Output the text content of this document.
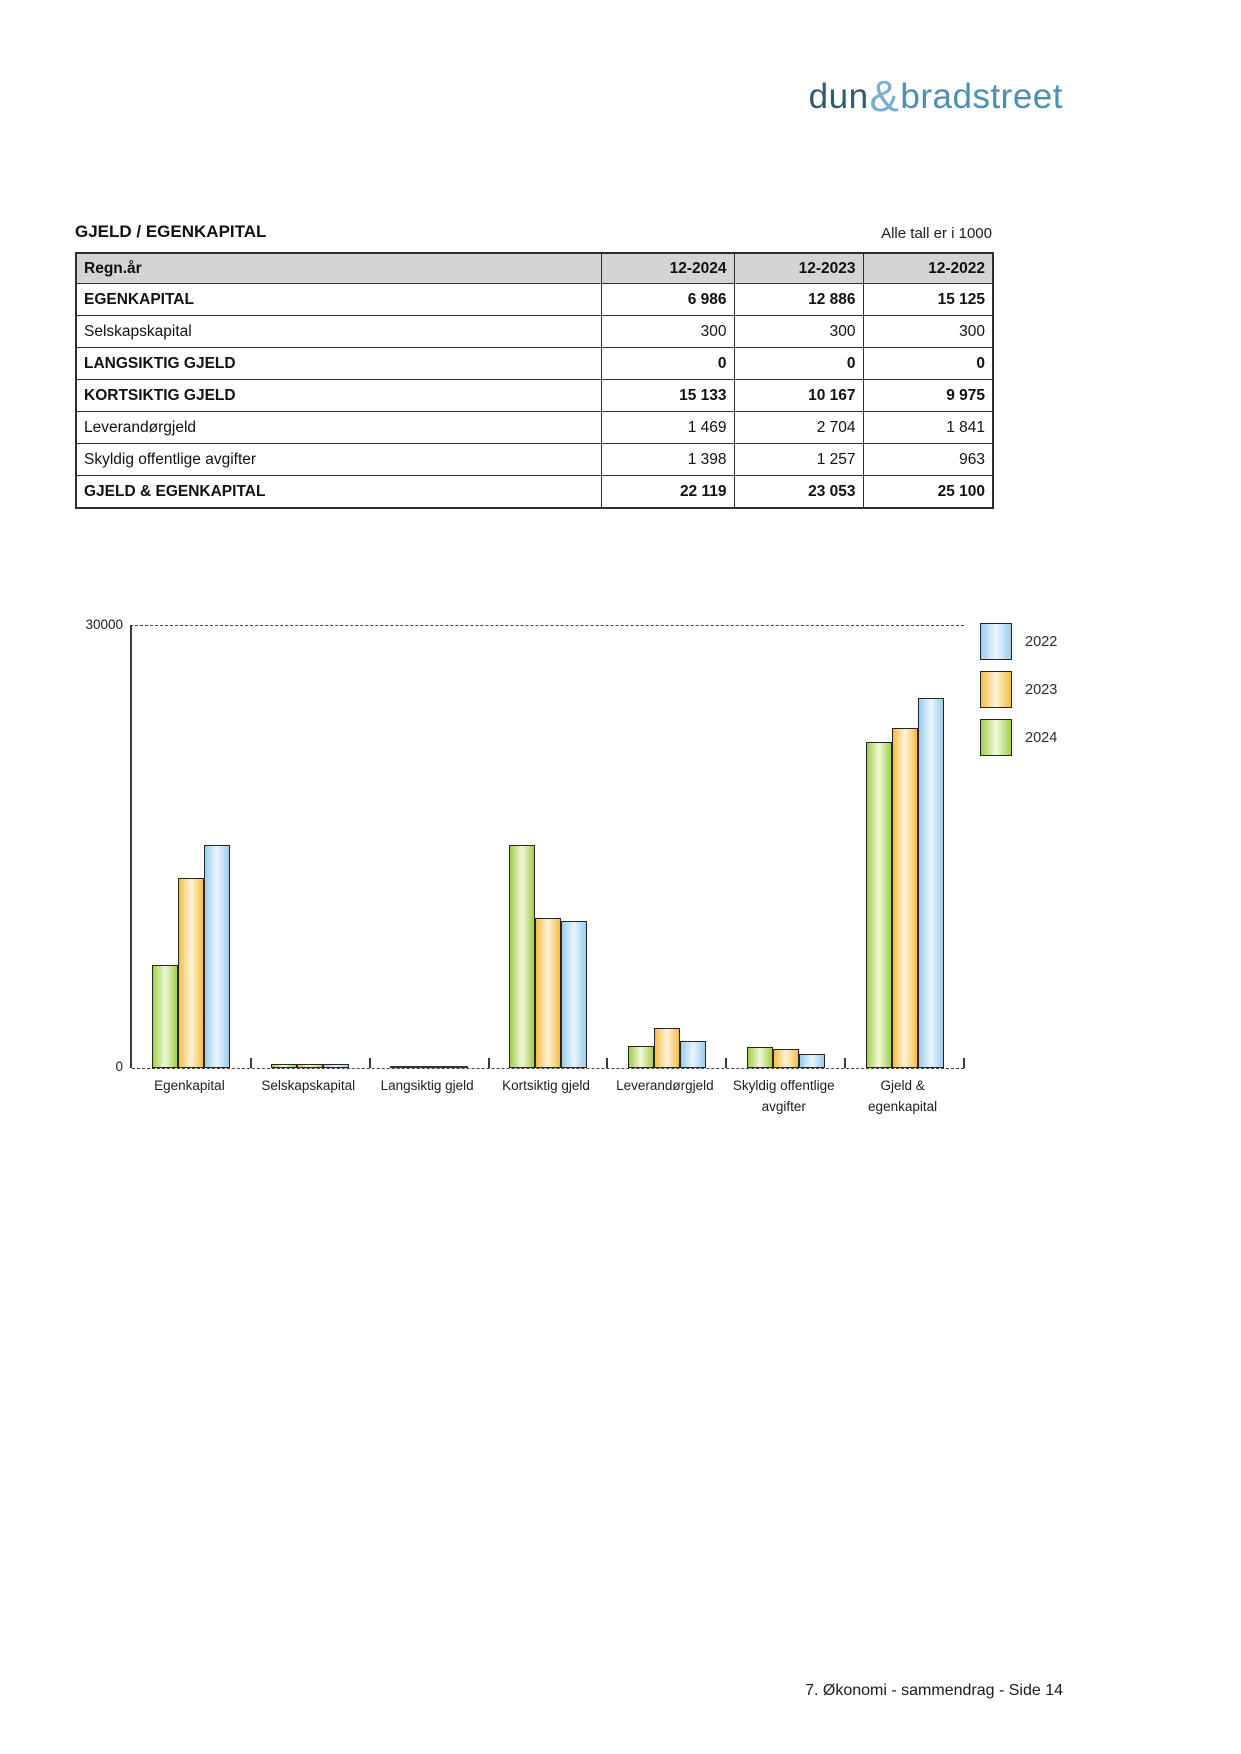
dun&bradstreet
GJELD / EGENKAPITAL	Alle tall er i 1000
Regn.år	12-2024	12-2023	12-2022
EGENKAPITAL	6 986	12 886	15 125
Selskapskapital	300	300	300
LANGSIKTIG GJELD	0	0	0
KORTSIKTIG GJELD	15 133	10 167	9 975
Leverandørgjeld	1 469	2 704	1 841
Skyldig offentlige avgifter	1 398	1 257	963
GJELD & EGENKAPITAL	22 119	23 053	25 100
30000
0
Egenkapital	Selskapskapital	Langsiktig gjeld	Kortsiktig gjeld	Leverandørgjeld	Skyldig offentlige avgifter
Gjeld & egenkapital
2022
2023
2024
7. Økonomi - sammendrag - Side 14
